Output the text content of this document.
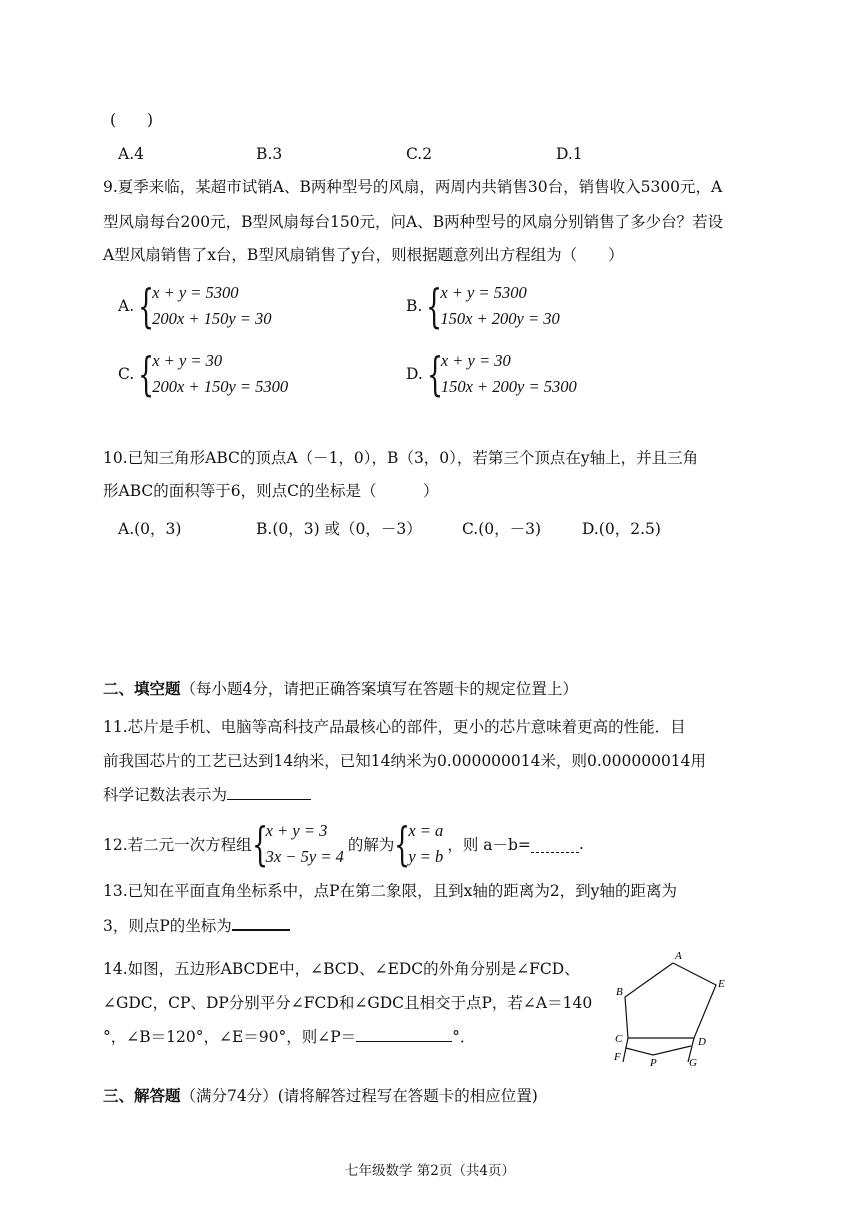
(　　)
A.4	B.3	C.2	D.1
9.夏季来临，某超市试销A、B两种型号的风扇，两周内共销售30台，销售收入5300元，A
型风扇每台200元，B型风扇每台150元，问A、B两种型号的风扇分别销售了多少台？若设
A型风扇销售了x台，B型风扇销售了y台，则根据题意列出方程组为（　　）
A. {
x + y = 5300
200x + 150y = 30
B. {
x + y = 5300
150x + 200y = 30
C. {
x + y = 30
200x + 150y = 5300
D. {
x + y = 30
150x + 200y = 5300
10.已知三角形ABC的顶点A（－1，0），B（3，0），若第三个顶点在y轴上，并且三角
形ABC的面积等于6，则点C的坐标是（　　　）
A.(0，3)	B.(0，3) 或（0，－3）	C.(0，－3)	D.(0，2.5)
二、填空题（每小题4分，请把正确答案填写在答题卡的规定位置上）
11.芯片是手机、电脑等高科技产品最核心的部件，更小的芯片意味着更高的性能．目
前我国芯片的工艺已达到14纳米，已知14纳米为0.000000014米，则0.000000014用
科学记数法表示为
12.若二元一次方程组 {
x + y = 3
3x − 5y = 4
的解为 {
x = a
y = b
，则 a－b=	.
13.已知在平面直角坐标系中，点P在第二象限，且到x轴的距离为2，到y轴的距离为
3，则点P的坐标为
14.如图，五边形ABCDE中，∠BCD、∠EDC的外角分别是∠FCD、
∠GDC，CP、DP分别平分∠FCD和∠GDC且相交于点P，若∠A＝140
°，∠B＝120°，∠E＝90°，则∠P＝	°．
A
B
C	D
E
F	G
P
三、解答题（满分74分）(请将解答过程写在答题卡的相应位置)
七年级数学 第2页（共4页）
